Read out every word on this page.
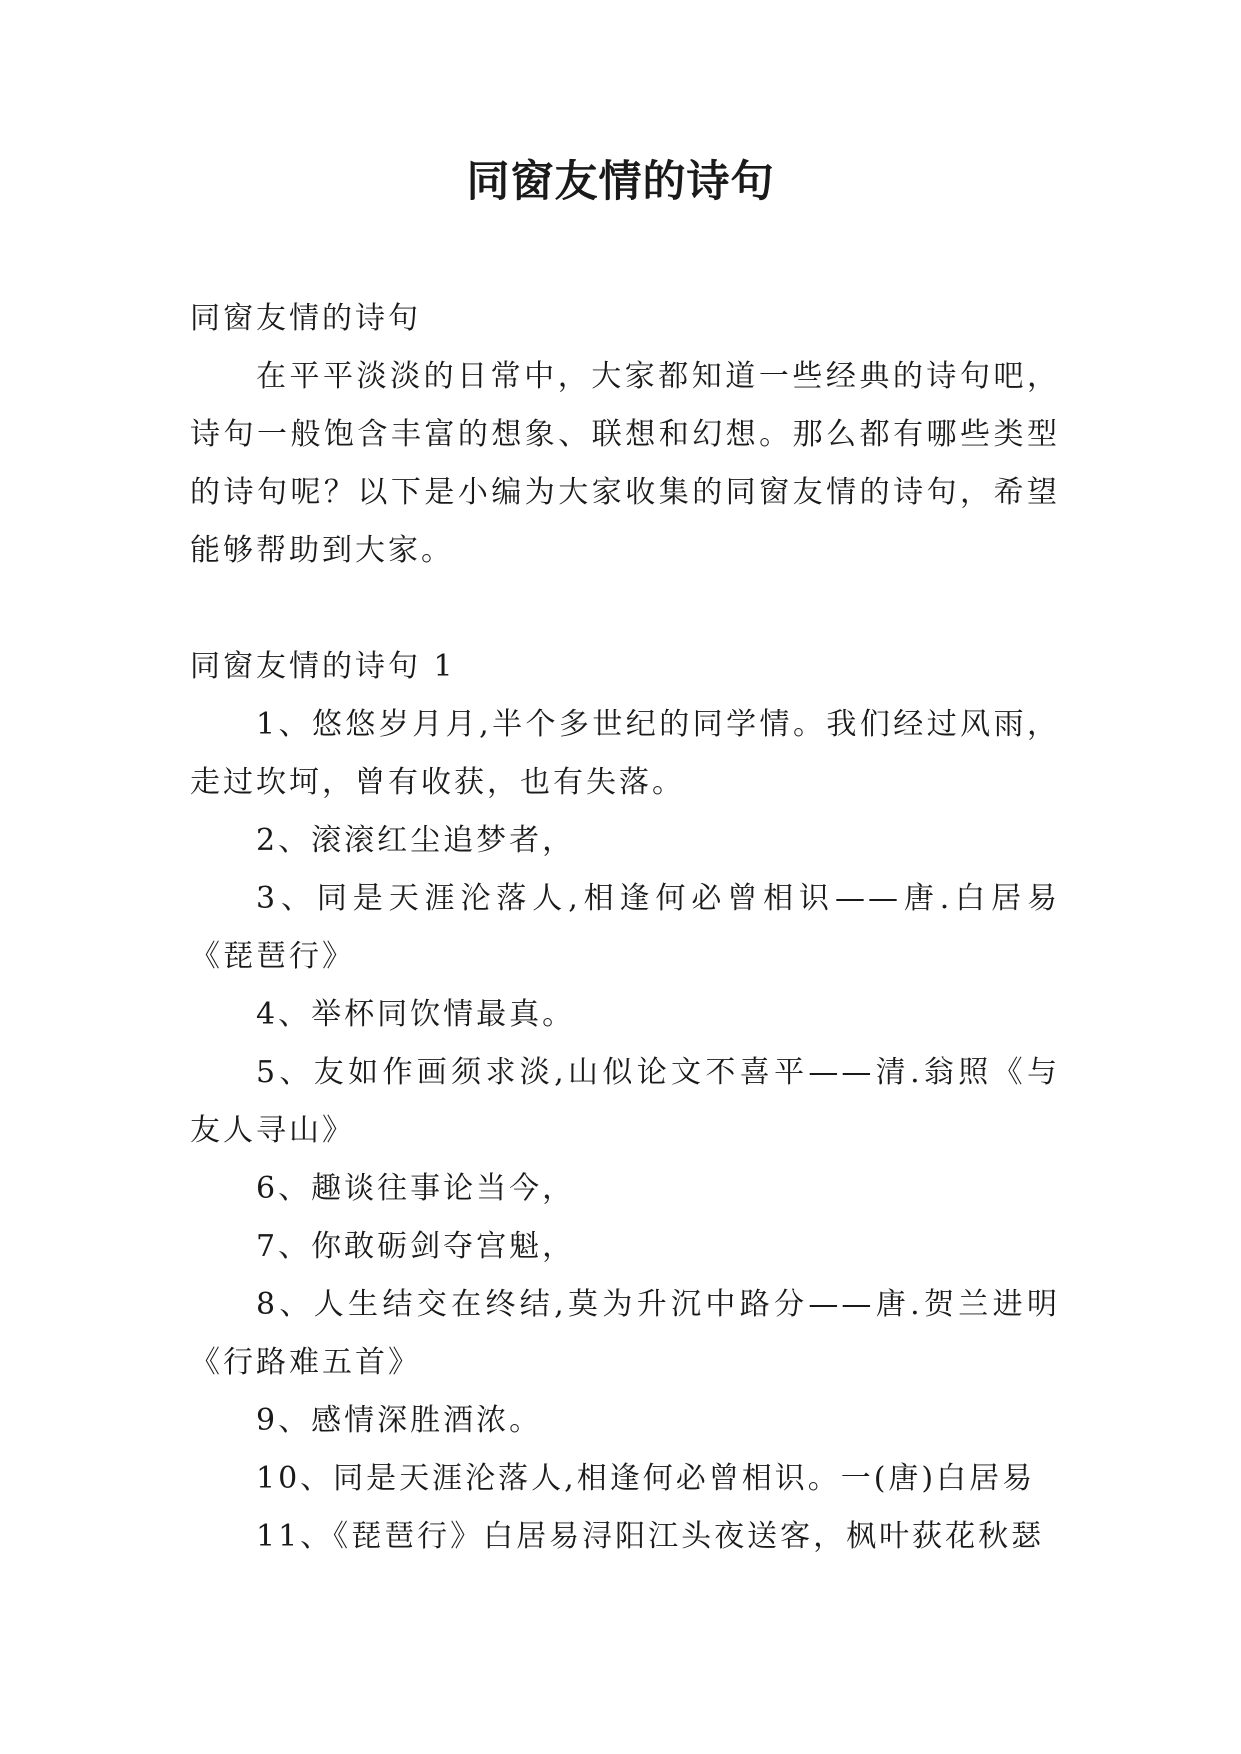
同窗友情的诗句

同窗友情的诗句

在平平淡淡的日常中，大家都知道一些经典的诗句吧，诗句一般饱含丰富的想象、联想和幻想。那么都有哪些类型的诗句呢？以下是小编为大家收集的同窗友情的诗句，希望能够帮助到大家。

同窗友情的诗句 1

1、悠悠岁月月,半个多世纪的同学情。我们经过风雨，走过坎坷，曾有收获，也有失落。

2、滚滚红尘追梦者，

3、同是天涯沦落人,相逢何必曾相识——唐.白居易《琵琶行》

4、举杯同饮情最真。

5、友如作画须求淡,山似论文不喜平——清.翁照《与友人寻山》

6、趣谈往事论当今，

7、你敢砺剑夺宫魁，

8、人生结交在终结,莫为升沉中路分——唐.贺兰进明《行路难五首》

9、感情深胜酒浓。

10、同是天涯沦落人,相逢何必曾相识。一(唐)白居易

11、《琵琶行》白居易浔阳江头夜送客，枫叶荻花秋瑟
